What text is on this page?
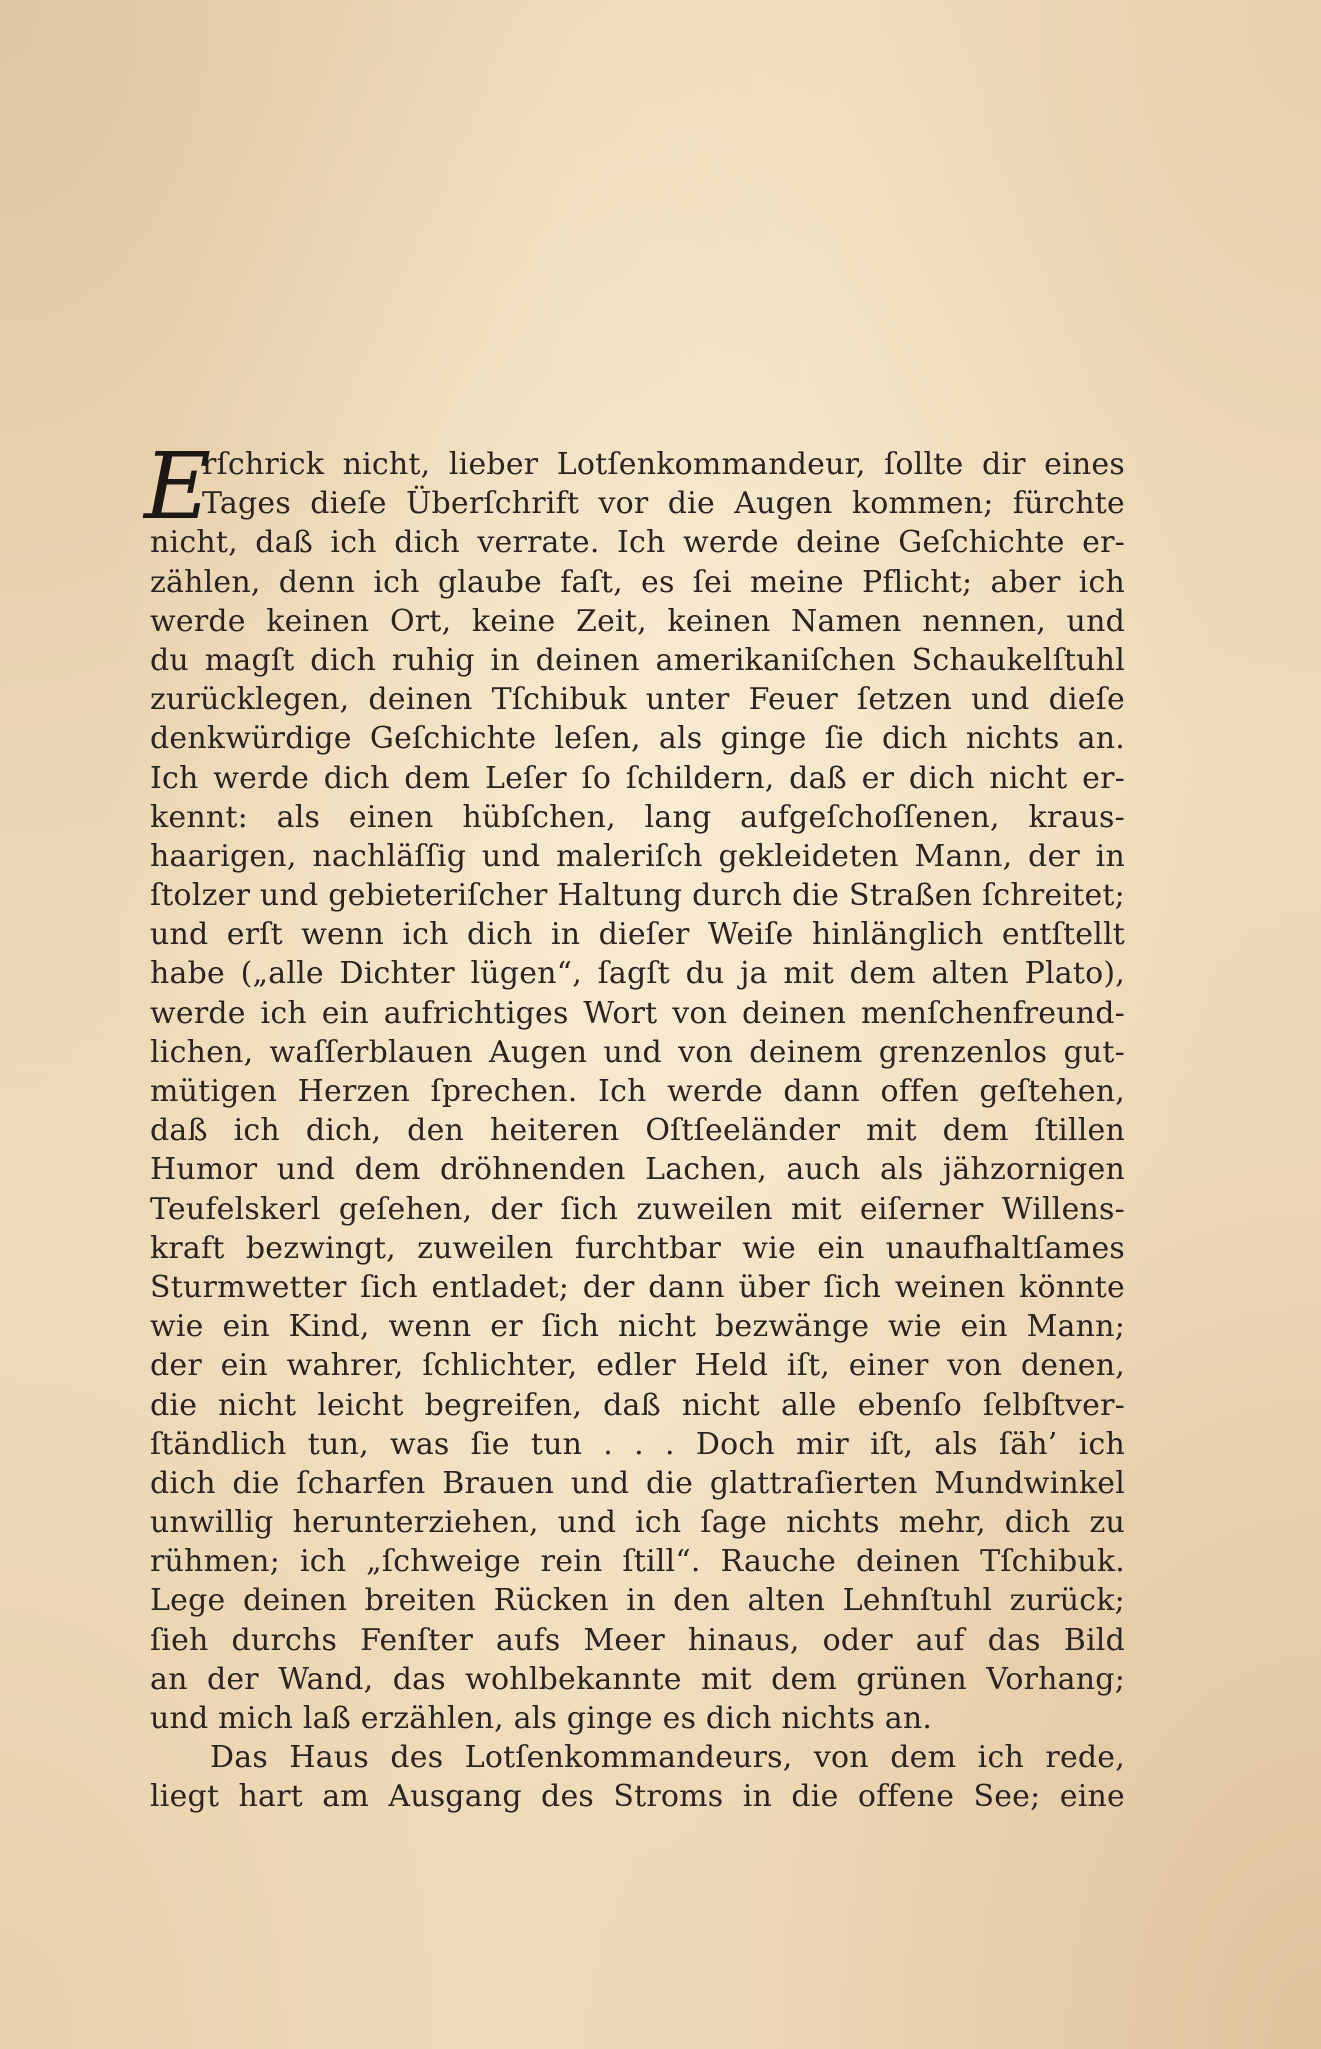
E
rſchrick nicht, lieber Lotſenkommandeur, ſollte dir eines
Tages dieſe Überſchrift vor die Augen kommen; fürchte
nicht, daß ich dich verrate. Ich werde deine Geſchichte er-
zählen, denn ich glaube faſt, es ſei meine Pflicht; aber ich
werde keinen Ort, keine Zeit, keinen Namen nennen, und
du magſt dich ruhig in deinen amerikaniſchen Schaukelſtuhl
zurücklegen, deinen Tſchibuk unter Feuer ſetzen und dieſe
denkwürdige Geſchichte leſen, als ginge ſie dich nichts an.
Ich werde dich dem Leſer ſo ſchildern, daß er dich nicht er-
kennt: als einen hübſchen, lang aufgeſchoſſenen, kraus-
haarigen, nachläſſig und maleriſch gekleideten Mann, der in
ſtolzer und gebieteriſcher Haltung durch die Straßen ſchreitet;
und erſt wenn ich dich in dieſer Weiſe hinlänglich entſtellt
habe („alle Dichter lügen“, ſagſt du ja mit dem alten Plato),
werde ich ein aufrichtiges Wort von deinen menſchenfreund-
lichen, waſſerblauen Augen und von deinem grenzenlos gut-
mütigen Herzen ſprechen. Ich werde dann offen geſtehen,
daß ich dich, den heiteren Oſtſeeländer mit dem ſtillen
Humor und dem dröhnenden Lachen, auch als jähzornigen
Teufelskerl geſehen, der ſich zuweilen mit eiſerner Willens-
kraft bezwingt, zuweilen furchtbar wie ein unaufhaltſames
Sturmwetter ſich entladet; der dann über ſich weinen könnte
wie ein Kind, wenn er ſich nicht bezwänge wie ein Mann;
der ein wahrer, ſchlichter, edler Held iſt, einer von denen,
die nicht leicht begreifen, daß nicht alle ebenſo ſelbſtver-
ſtändlich tun, was ſie tun . . . Doch mir iſt, als ſäh’ ich
dich die ſcharfen Brauen und die glattraſierten Mundwinkel
unwillig herunterziehen, und ich ſage nichts mehr, dich zu
rühmen; ich „ſchweige rein ſtill“. Rauche deinen Tſchibuk.
Lege deinen breiten Rücken in den alten Lehnſtuhl zurück;
ſieh durchs Fenſter aufs Meer hinaus, oder auf das Bild
an der Wand, das wohlbekannte mit dem grünen Vorhang;
und mich laß erzählen, als ginge es dich nichts an.
Das Haus des Lotſenkommandeurs, von dem ich rede,
liegt hart am Ausgang des Stroms in die offene See; eine
